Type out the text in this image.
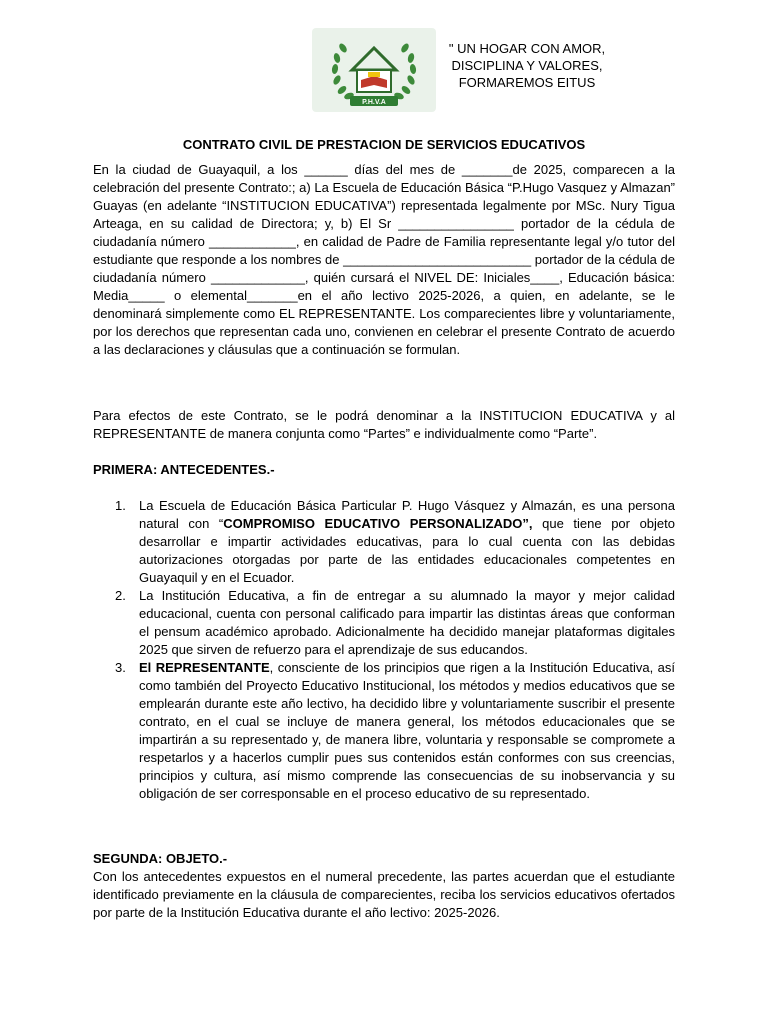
P.H.V.A
" UN HOGAR CON AMOR, DISCIPLINA Y VALORES, FORMAREMOS EITUS
CONTRATO CIVIL DE PRESTACION DE SERVICIOS EDUCATIVOS

En la ciudad de Guayaquil, a los ______ días del mes de _______de 2025, comparecen a la celebración del presente Contrato:; a) La Escuela de Educación Básica “P.Hugo Vasquez y Almazan” Guayas (en adelante “INSTITUCION EDUCATIVA”) representada legalmente por MSc. Nury Tigua Arteaga, en su calidad de Directora; y, b) El Sr ________________ portador de la cédula de ciudadanía número ____________, en calidad de Padre de Familia representante legal y/o tutor del estudiante que responde a los nombres de __________________________ portador de la cédula de ciudadanía número _____________, quién cursará el NIVEL DE: Iniciales____, Educación básica: Media_____ o elemental_______en el año lectivo 2025-2026, a quien, en adelante, se le denominará simplemente como EL REPRESENTANTE. Los comparecientes libre y voluntariamente, por los derechos que representan cada uno, convienen en celebrar el presente Contrato de acuerdo a las declaraciones y cláusulas que a continuación se formulan.

Para efectos de este Contrato, se le podrá denominar a la INSTITUCION EDUCATIVA y al REPRESENTANTE de manera conjunta como “Partes” e individualmente como “Parte”.

PRIMERA: ANTECEDENTES.-

1. La Escuela de Educación Básica Particular P. Hugo Vásquez y Almazán, es una persona natural con “COMPROMISO EDUCATIVO PERSONALIZADO”, que tiene por objeto desarrollar e impartir actividades educativas, para lo cual cuenta con las debidas autorizaciones otorgadas por parte de las entidades educacionales competentes en Guayaquil y en el Ecuador.

2. La Institución Educativa, a fin de entregar a su alumnado la mayor y mejor calidad educacional, cuenta con personal calificado para impartir las distintas áreas que conforman el pensum académico aprobado. Adicionalmente ha decidido manejar plataformas digitales 2025 que sirven de refuerzo para el aprendizaje de sus educandos.

3. El REPRESENTANTE, consciente de los principios que rigen a la Institución Educativa, así como también del Proyecto Educativo Institucional, los métodos y medios educativos que se emplearán durante este año lectivo, ha decidido libre y voluntariamente suscribir el presente contrato, en el cual se incluye de manera general, los métodos educacionales que se impartirán a su representado y, de manera libre, voluntaria y responsable se compromete a respetarlos y a hacerlos cumplir pues sus contenidos están conformes con sus creencias, principios y cultura, así mismo comprende las consecuencias de su inobservancia y su obligación de ser corresponsable en el proceso educativo de su representado.

SEGUNDA: OBJETO.-

Con los antecedentes expuestos en el numeral precedente, las partes acuerdan que el estudiante identificado previamente en la cláusula de comparecientes, reciba los servicios educativos ofertados por parte de la Institución Educativa durante el año lectivo: 2025-2026.
